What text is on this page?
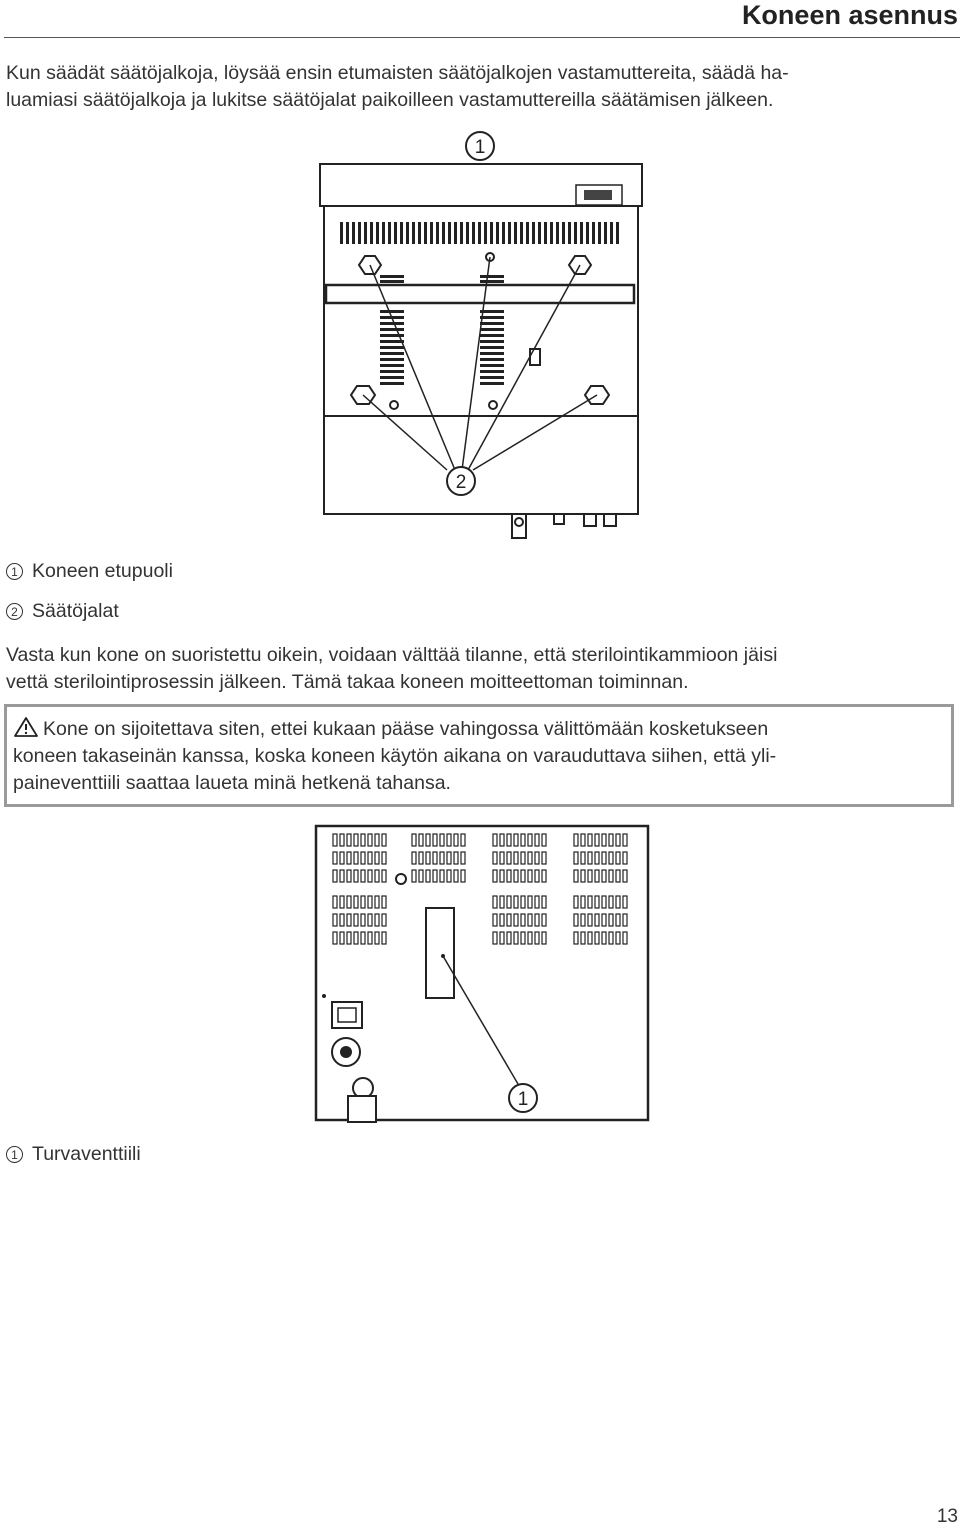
Koneen asennus

Kun säädät säätöjalkoja, löysää ensin etumaisten säätöjalkojen vastamuttereita, säädä ha-

luamiasi säätöjalkoja ja lukitse säätöjalat paikoilleen vastamuttereilla säätämisen jälkeen.

1
2
1 Koneen etupuoli
2 Säätöjalat

Vasta kun kone on suoristettu oikein, voidaan välttää tilanne, että sterilointikammioon jäisi

vettä sterilointiprosessin jälkeen. Tämä takaa koneen moitteettoman toiminnan.

Kone on sijoitettava siten, ettei kukaan pääse vahingossa välittömään kosketukseen

koneen takaseinän kanssa, koska koneen käytön aikana on varauduttava siihen, että yli-

paineventtiili saattaa laueta minä hetkenä tahansa.

1
1 Turvaventtiili
13
